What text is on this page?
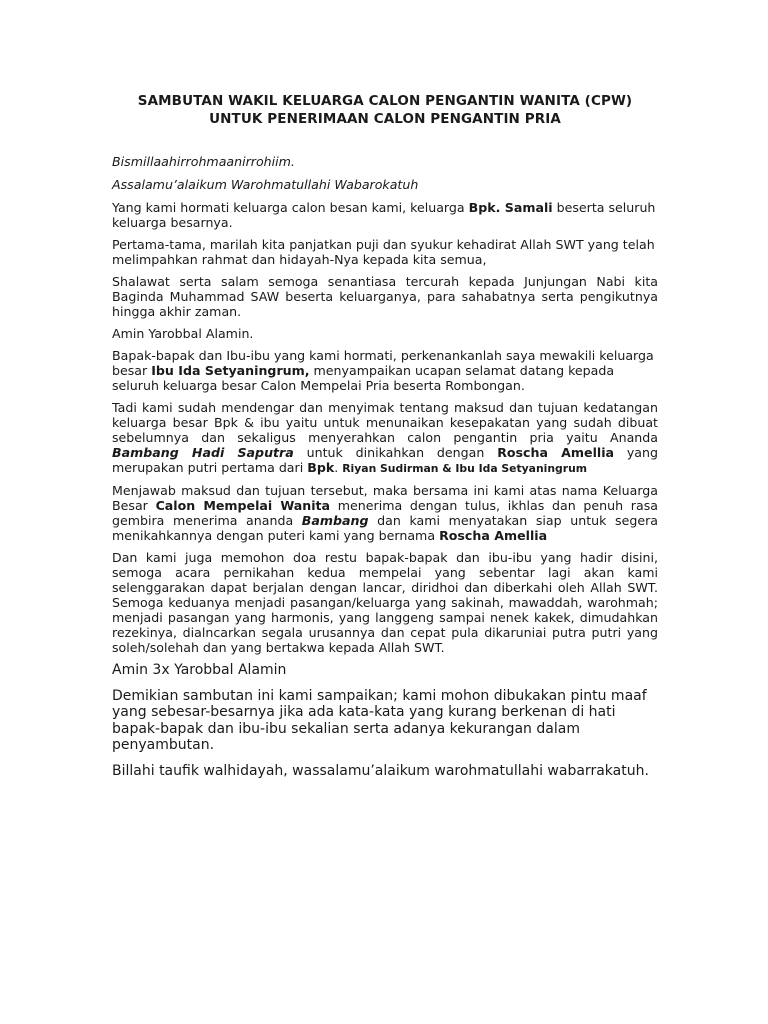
SAMBUTAN WAKIL KELUARGA CALON PENGANTIN WANITA (CPW)
UNTUK PENERIMAAN CALON PENGANTIN PRIA

Bismillaahirrohmaanirrohiim.

Assalamu’alaikum Warohmatullahi Wabarokatuh

Yang kami hormati keluarga calon besan kami, keluarga Bpk. Samali beserta seluruh keluarga besarnya.

Pertama-tama, marilah kita panjatkan puji dan syukur kehadirat Allah SWT yang telah melimpahkan rahmat dan hidayah-Nya kepada kita semua,

Shalawat serta salam semoga senantiasa tercurah kepada Junjungan Nabi kita Baginda Muhammad SAW beserta keluarganya, para sahabatnya serta pengikutnya hingga akhir zaman.

Amin Yarobbal Alamin.

Bapak-bapak dan Ibu-ibu yang kami hormati, perkenankanlah saya mewakili keluarga besar Ibu Ida Setyaningrum, menyampaikan ucapan selamat datang kepada seluruh keluarga besar Calon Mempelai Pria beserta Rombongan.

Tadi kami sudah mendengar dan menyimak tentang maksud dan tujuan kedatangan keluarga besar Bpk & ibu yaitu untuk menunaikan kesepakatan yang sudah dibuat sebelumnya dan sekaligus menyerahkan calon pengantin pria yaitu Ananda Bambang Hadi Saputra untuk dinikahkan dengan Roscha Amellia yang merupakan putri pertama dari Bpk. Riyan Sudirman & Ibu Ida Setyaningrum

Menjawab maksud dan tujuan tersebut, maka bersama ini kami atas nama Keluarga Besar Calon Mempelai Wanita menerima dengan tulus, ikhlas dan penuh rasa gembira menerima ananda Bambang dan kami menyatakan siap untuk segera menikahkannya dengan puteri kami yang bernama Roscha Amellia

Dan kami juga memohon doa restu bapak-bapak dan ibu-ibu yang hadir disini, semoga acara pernikahan kedua mempelai yang sebentar lagi akan kami selenggarakan dapat berjalan dengan lancar, diridhoi dan diberkahi oleh Allah SWT. Semoga keduanya menjadi pasangan/keluarga yang sakinah, mawaddah, warohmah; menjadi pasangan yang harmonis, yang langgeng sampai nenek kakek, dimudahkan rezekinya, dialncarkan segala urusannya dan cepat pula dikaruniai putra putri yang soleh/solehah dan yang bertakwa kepada Allah SWT.

Amin 3x Yarobbal Alamin

Demikian sambutan ini kami sampaikan; kami mohon dibukakan pintu maaf yang sebesar-besarnya jika ada kata-kata yang kurang berkenan di hati bapak-bapak dan ibu-ibu sekalian serta adanya kekurangan dalam penyambutan.

Billahi taufik walhidayah, wassalamu’alaikum warohmatullahi wabarrakatuh.
